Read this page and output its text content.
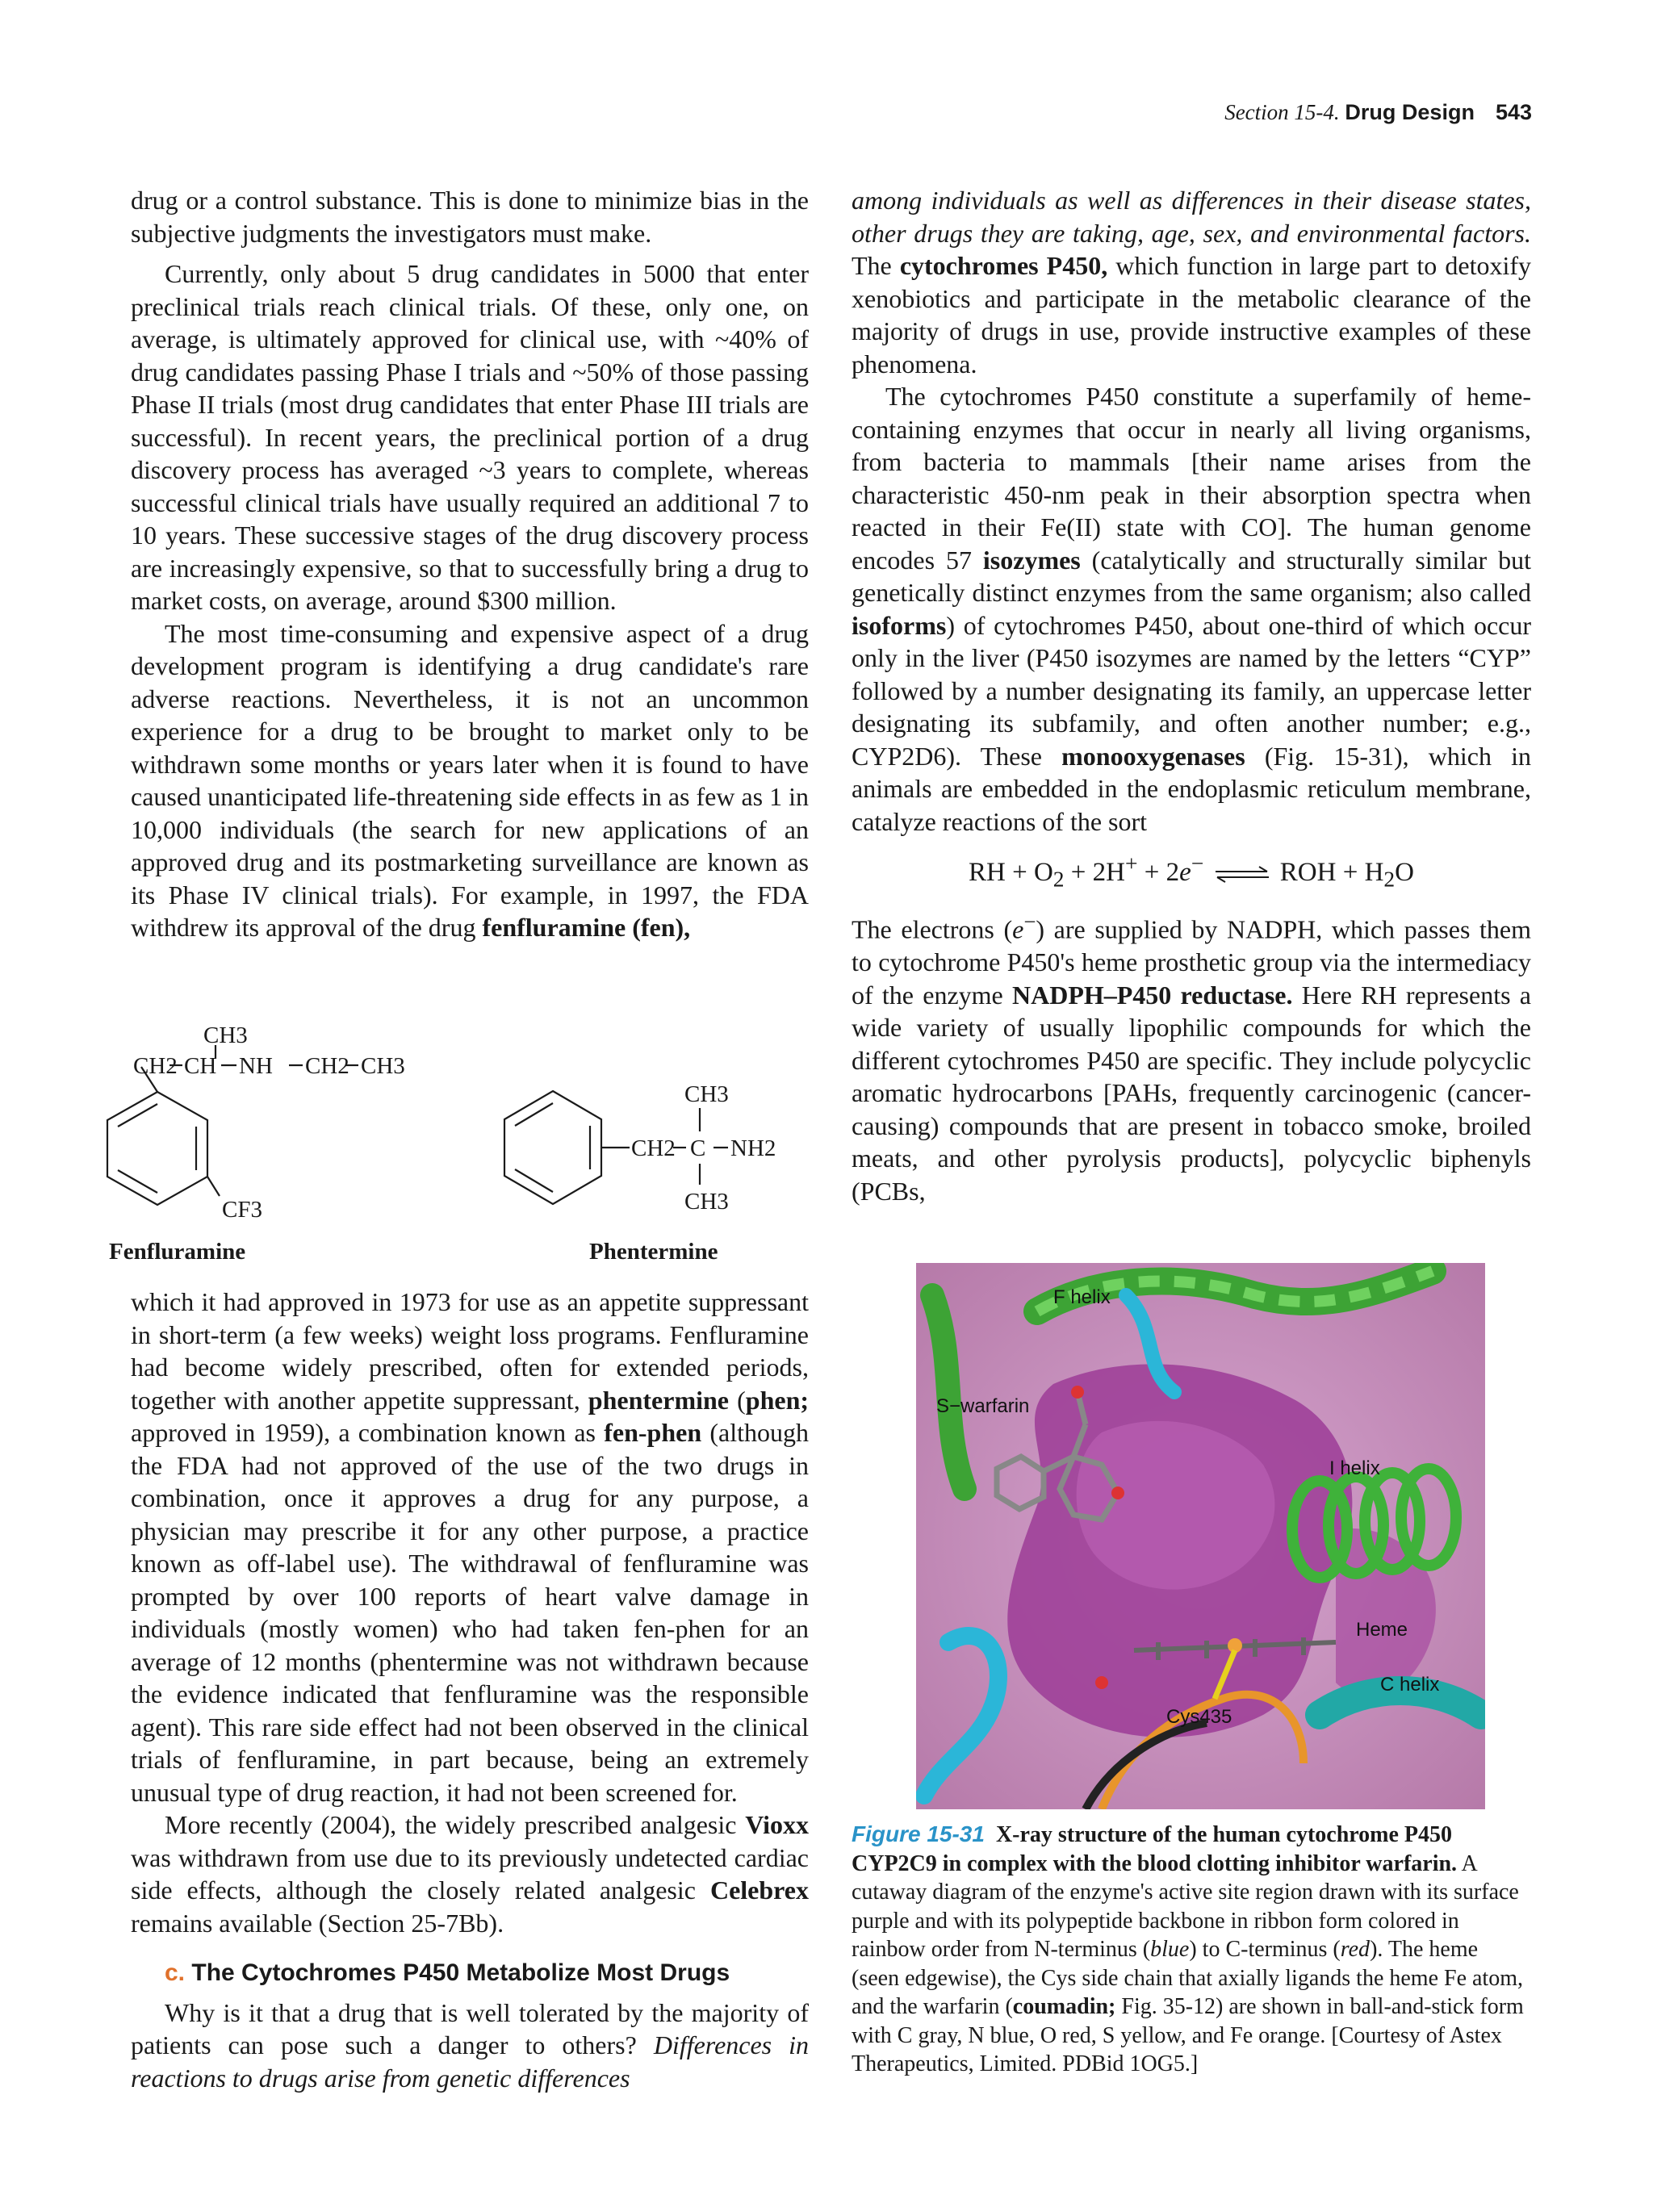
Section 15-4. Drug Design 543

drug or a control substance. This is done to minimize bias in the subjective judgments the investigators must make.

Currently, only about 5 drug candidates in 5000 that enter preclinical trials reach clinical trials. Of these, only one, on average, is ultimately approved for clinical use, with ~40% of drug candidates passing Phase I trials and ~50% of those passing Phase II trials (most drug candidates that enter Phase III trials are successful). In recent years, the preclinical portion of a drug discovery process has averaged ~3 years to complete, whereas successful clinical trials have usually required an additional 7 to 10 years. These successive stages of the drug discovery process are increasingly expensive, so that to successfully bring a drug to market costs, on average, around $300 million.

The most time-consuming and expensive aspect of a drug development program is identifying a drug candidate's rare adverse reactions. Nevertheless, it is not an uncommon experience for a drug to be brought to market only to be withdrawn some months or years later when it is found to have caused unanticipated life-threatening side effects in as few as 1 in 10,000 individuals (the search for new applications of an approved drug and its postmarketing surveillance are known as its Phase IV clinical trials). For example, in 1997, the FDA withdrew its approval of the drug fenfluramine (fen),

CH3
CH2 CH NH CH2 CH3
CF3
CH3
CH2 C NH2
CH3
Fenfluramine	Phentermine

which it had approved in 1973 for use as an appetite suppressant in short-term (a few weeks) weight loss programs. Fenfluramine had become widely prescribed, often for extended periods, together with another appetite suppressant, phentermine (phen; approved in 1959), a combination known as fen-phen (although the FDA had not approved of the use of the two drugs in combination, once it approves a drug for any purpose, a physician may prescribe it for any other purpose, a practice known as off-label use). The withdrawal of fenfluramine was prompted by over 100 reports of heart valve damage in individuals (mostly women) who had taken fen-phen for an average of 12 months (phentermine was not withdrawn because the evidence indicated that fenfluramine was the responsible agent). This rare side effect had not been observed in the clinical trials of fenfluramine, in part because, being an extremely unusual type of drug reaction, it had not been screened for.

More recently (2004), the widely prescribed analgesic Vioxx was withdrawn from use due to its previously undetected cardiac side effects, although the closely related analgesic Celebrex remains available (Section 25-7Bb).

c. The Cytochromes P450 Metabolize Most Drugs

Why is it that a drug that is well tolerated by the majority of patients can pose such a danger to others? Differences in reactions to drugs arise from genetic differences

among individuals as well as differences in their disease states, other drugs they are taking, age, sex, and environmental factors. The cytochromes P450, which function in large part to detoxify xenobiotics and participate in the metabolic clearance of the majority of drugs in use, provide instructive examples of these phenomena.

The cytochromes P450 constitute a superfamily of heme-containing enzymes that occur in nearly all living organisms, from bacteria to mammals [their name arises from the characteristic 450-nm peak in their absorption spectra when reacted in their Fe(II) state with CO]. The human genome encodes 57 isozymes (catalytically and structurally similar but genetically distinct enzymes from the same organism; also called isoforms) of cytochromes P450, about one-third of which occur only in the liver (P450 isozymes are named by the letters “CYP” followed by a number designating its family, an uppercase letter designating its subfamily, and often another number; e.g., CYP2D6). These monooxygenases (Fig. 15-31), which in animals are embedded in the endoplasmic reticulum membrane, catalyze reactions of the sort

RH + $O_2 + 2H^+ + 2e^-$ ⇌ ROH + $H_2O$

The electrons (e−) are supplied by NADPH, which passes them to cytochrome P450's heme prosthetic group via the intermediacy of the enzyme NADPH–P450 reductase. Here RH represents a wide variety of usually lipophilic compounds for which the different cytochromes P450 are specific. They include polycyclic aromatic hydrocarbons [PAHs, frequently carcinogenic (cancer-causing) compounds that are present in tobacco smoke, broiled meats, and other pyrolysis products], polycyclic biphenyls (PCBs,

F helix
S−warfarin
I helix
Heme
C helix
Cys435
Figure 15-31 X-ray structure of the human cytochrome P450 CYP2C9 in complex with the blood clotting inhibitor warfarin. A cutaway diagram of the enzyme's active site region drawn with its surface purple and with its polypeptide backbone in ribbon form colored in rainbow order from N-terminus (blue) to C-terminus (red). The heme (seen edgewise), the Cys side chain that axially ligands the heme Fe atom, and the warfarin (coumadin; Fig. 35-12) are shown in ball-and-stick form with C gray, N blue, O red, S yellow, and Fe orange. [Courtesy of Astex Therapeutics, Limited. PDBid 1OG5.]
